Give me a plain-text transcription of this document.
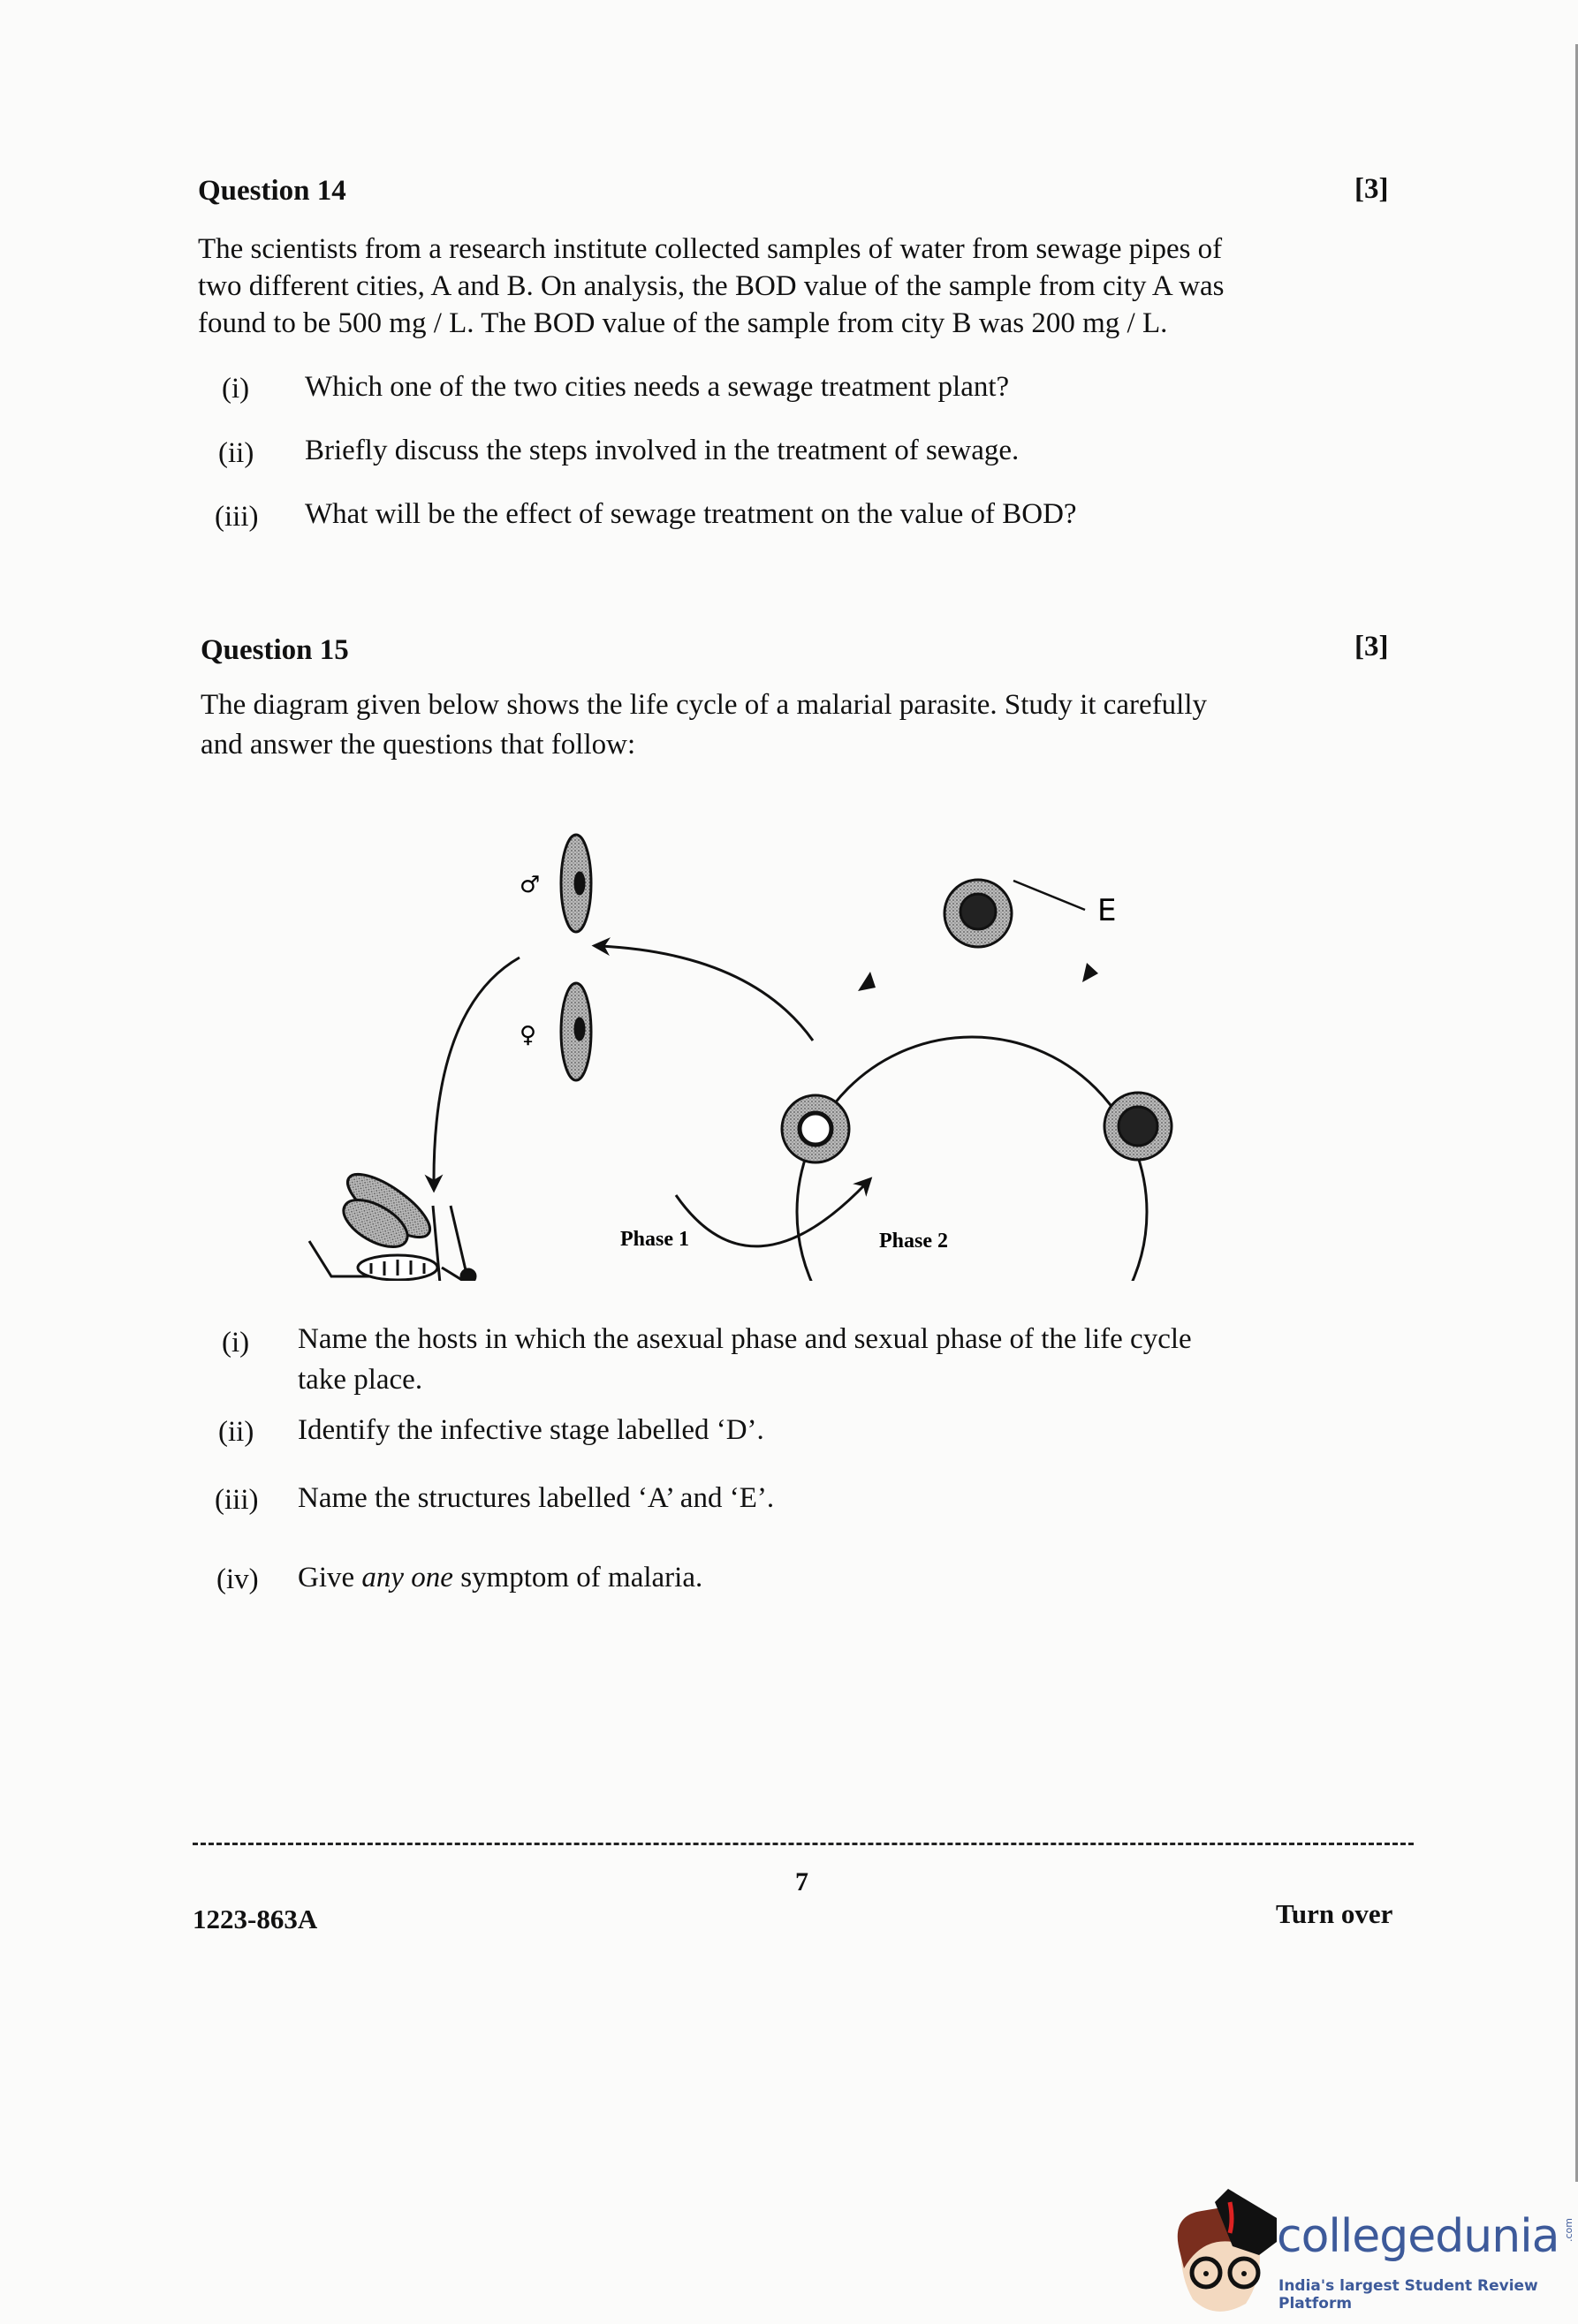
Question 14	[3]
The scientists from a research institute collected samples of water from sewage pipes of
two different cities, A and B. On analysis, the BOD value of the sample from city A was
found to be 500 mg / L. The BOD value of the sample from city B was 200 mg / L.
(i) Which one of the two cities needs a sewage treatment plant?
(ii) Briefly discuss the steps involved in the treatment of sewage.
(iii) What will be the effect of sewage treatment on the value of BOD?
Question 15	[3]
The diagram given below shows the life cycle of a malarial parasite. Study it carefully
and answer the questions that follow:
♂
♀
Phase 1	Phase 2
E
(i) Name the hosts in which the asexual phase and sexual phase of the life cycle
take place.
(ii) Identify the infective stage labelled ‘D’.
(iii) Name the structures labelled ‘A’ and ‘E’.
(iv) Give any one symptom of malaria.
7
1223-863A	Turn over
collegedunia .com
India's largest Student Review Platform
